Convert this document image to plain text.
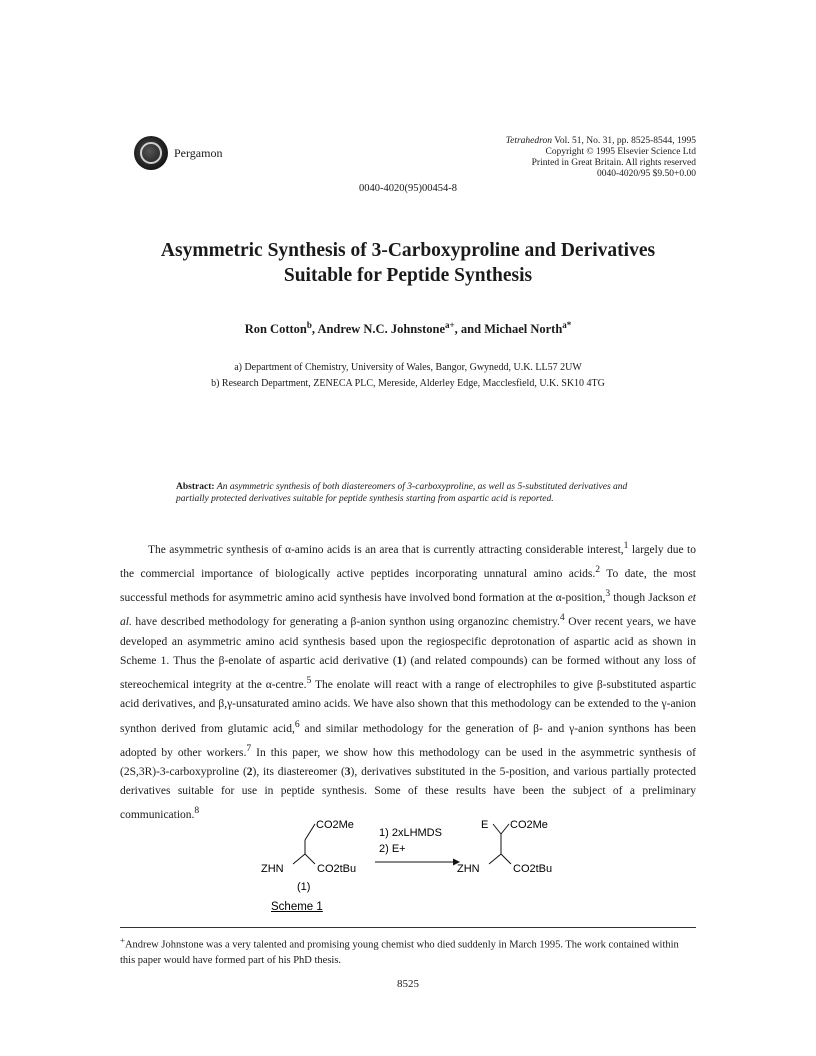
Pergamon
Tetrahedron Vol. 51, No. 31, pp. 8525-8544, 1995
Copyright © 1995 Elsevier Science Ltd
Printed in Great Britain. All rights reserved
0040-4020/95 $9.50+0.00
0040-4020(95)00454-8
Asymmetric Synthesis of 3-Carboxyproline and Derivatives
Suitable for Peptide Synthesis
Ron Cotton$^b$, Andrew N.C. Johnstone$^{a+}$, and Michael North$^{a*}$
a) Department of Chemistry, University of Wales, Bangor, Gwynedd, U.K. LL57 2UW
b) Research Department, ZENECA PLC, Mereside, Alderley Edge, Macclesfield, U.K. SK10 4TG
Abstract: An asymmetric synthesis of both diastereomers of 3-carboxyproline, as well as 5-substituted derivatives and partially protected derivatives suitable for peptide synthesis starting from aspartic acid is reported.
The asymmetric synthesis of α-amino acids is an area that is currently attracting considerable interest,$^1$ largely due to the commercial importance of biologically active peptides incorporating unnatural amino acids.$^2$ To date, the most successful methods for asymmetric amino acid synthesis have involved bond formation at the α-position,$^3$ though Jackson et al. have described methodology for generating a β-anion synthon using organozinc chemistry.$^4$ Over recent years, we have developed an asymmetric amino acid synthesis based upon the regiospecific deprotonation of aspartic acid as shown in Scheme 1. Thus the β-enolate of aspartic acid derivative (1) (and related compounds) can be formed without any loss of stereochemical integrity at the α-centre.$^5$ The enolate will react with a range of electrophiles to give β-substituted aspartic acid derivatives, and β,γ-unsaturated amino acids. We have also shown that this methodology can be extended to the γ-anion synthon derived from glutamic acid,$^6$ and similar methodology for the generation of β- and γ-anion synthons has been adopted by other workers.$^7$ In this paper, we show how this methodology can be used in the asymmetric synthesis of (2S,3R)-3-carboxyproline (2), its diastereomer (3), derivatives substituted in the 5-position, and various partially protected derivatives suitable for use in peptide synthesis. Some of these results have been the subject of a preliminary communication.$^8$
CO2Me
ZHN	CO2tBu
(1)
1) 2xLHMDS
2) E+
E CO2Me
ZHN	CO2tBu
Scheme 1
+Andrew Johnstone was a very talented and promising young chemist who died suddenly in March 1995. The work contained within this paper would have formed part of his PhD thesis.
8525
